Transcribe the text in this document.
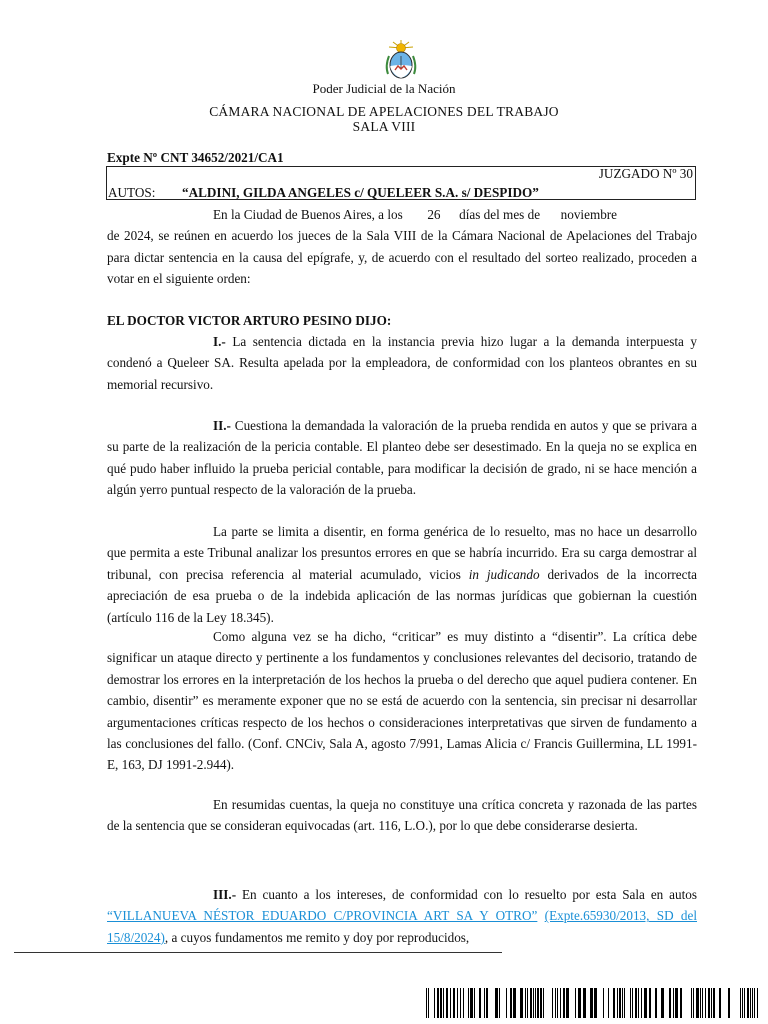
Poder Judicial de la Nación
CÁMARA NACIONAL DE APELACIONES DEL TRABAJO
SALA VIII
Expte Nº CNT 34652/2021/CA1
JUZGADO Nº 30
AUTOS: “ALDINI, GILDA ANGELES c/ QUELEER S.A. s/ DESPIDO”
En la Ciudad de Buenos Aires, a los 26 días del mes de noviembre
de 2024, se reúnen en acuerdo los jueces de la Sala VIII de la Cámara Nacional de Apelaciones del Trabajo para dictar sentencia en la causa del epígrafe, y, de acuerdo con el resultado del sorteo realizado, proceden a votar en el siguiente orden:
EL DOCTOR VICTOR ARTURO PESINO DIJO:
I.- La sentencia dictada en la instancia previa hizo lugar a la demanda interpuesta y condenó a Queleer SA. Resulta apelada por la empleadora, de conformidad con los planteos obrantes en su memorial recursivo.
II.- Cuestiona la demandada la valoración de la prueba rendida en autos y que se privara a su parte de la realización de la pericia contable. El planteo debe ser desestimado. En la queja no se explica en qué pudo haber influido la prueba pericial contable, para modificar la decisión de grado, ni se hace mención a algún yerro puntual respecto de la valoración de la prueba.
La parte se limita a disentir, en forma genérica de lo resuelto, mas no hace un desarrollo que permita a este Tribunal analizar los presuntos errores en que se habría incurrido. Era su carga demostrar al tribunal, con precisa referencia al material acumulado, vicios in judicando derivados de la incorrecta apreciación de esa prueba o de la indebida aplicación de las normas jurídicas que gobiernan la cuestión (artículo 116 de la Ley 18.345).
Como alguna vez se ha dicho, “criticar” es muy distinto a “disentir”. La crítica debe significar un ataque directo y pertinente a los fundamentos y conclusiones relevantes del decisorio, tratando de demostrar los errores en la interpretación de los hechos la prueba o del derecho que aquel pudiera contener. En cambio, disentir” es meramente exponer que no se está de acuerdo con la sentencia, sin precisar ni desarrollar argumentaciones críticas respecto de los hechos o consideraciones interpretativas que sirven de fundamento a las conclusiones del fallo. (Conf. CNCiv, Sala A, agosto 7/991, Lamas Alicia c/ Francis Guillermina, LL 1991-E, 163, DJ 1991-2.944).
En resumidas cuentas, la queja no constituye una crítica concreta y razonada de las partes de la sentencia que se consideran equivocadas (art. 116, L.O.), por lo que debe considerarse desierta.
III.- En cuanto a los intereses, de conformidad con lo resuelto por esta Sala en autos “VILLANUEVA NÉSTOR EDUARDO C/PROVINCIA ART SA Y OTRO” (Expte.65930/2013, SD del 15/8/2024), a cuyos fundamentos me remito y doy por reproducidos,
